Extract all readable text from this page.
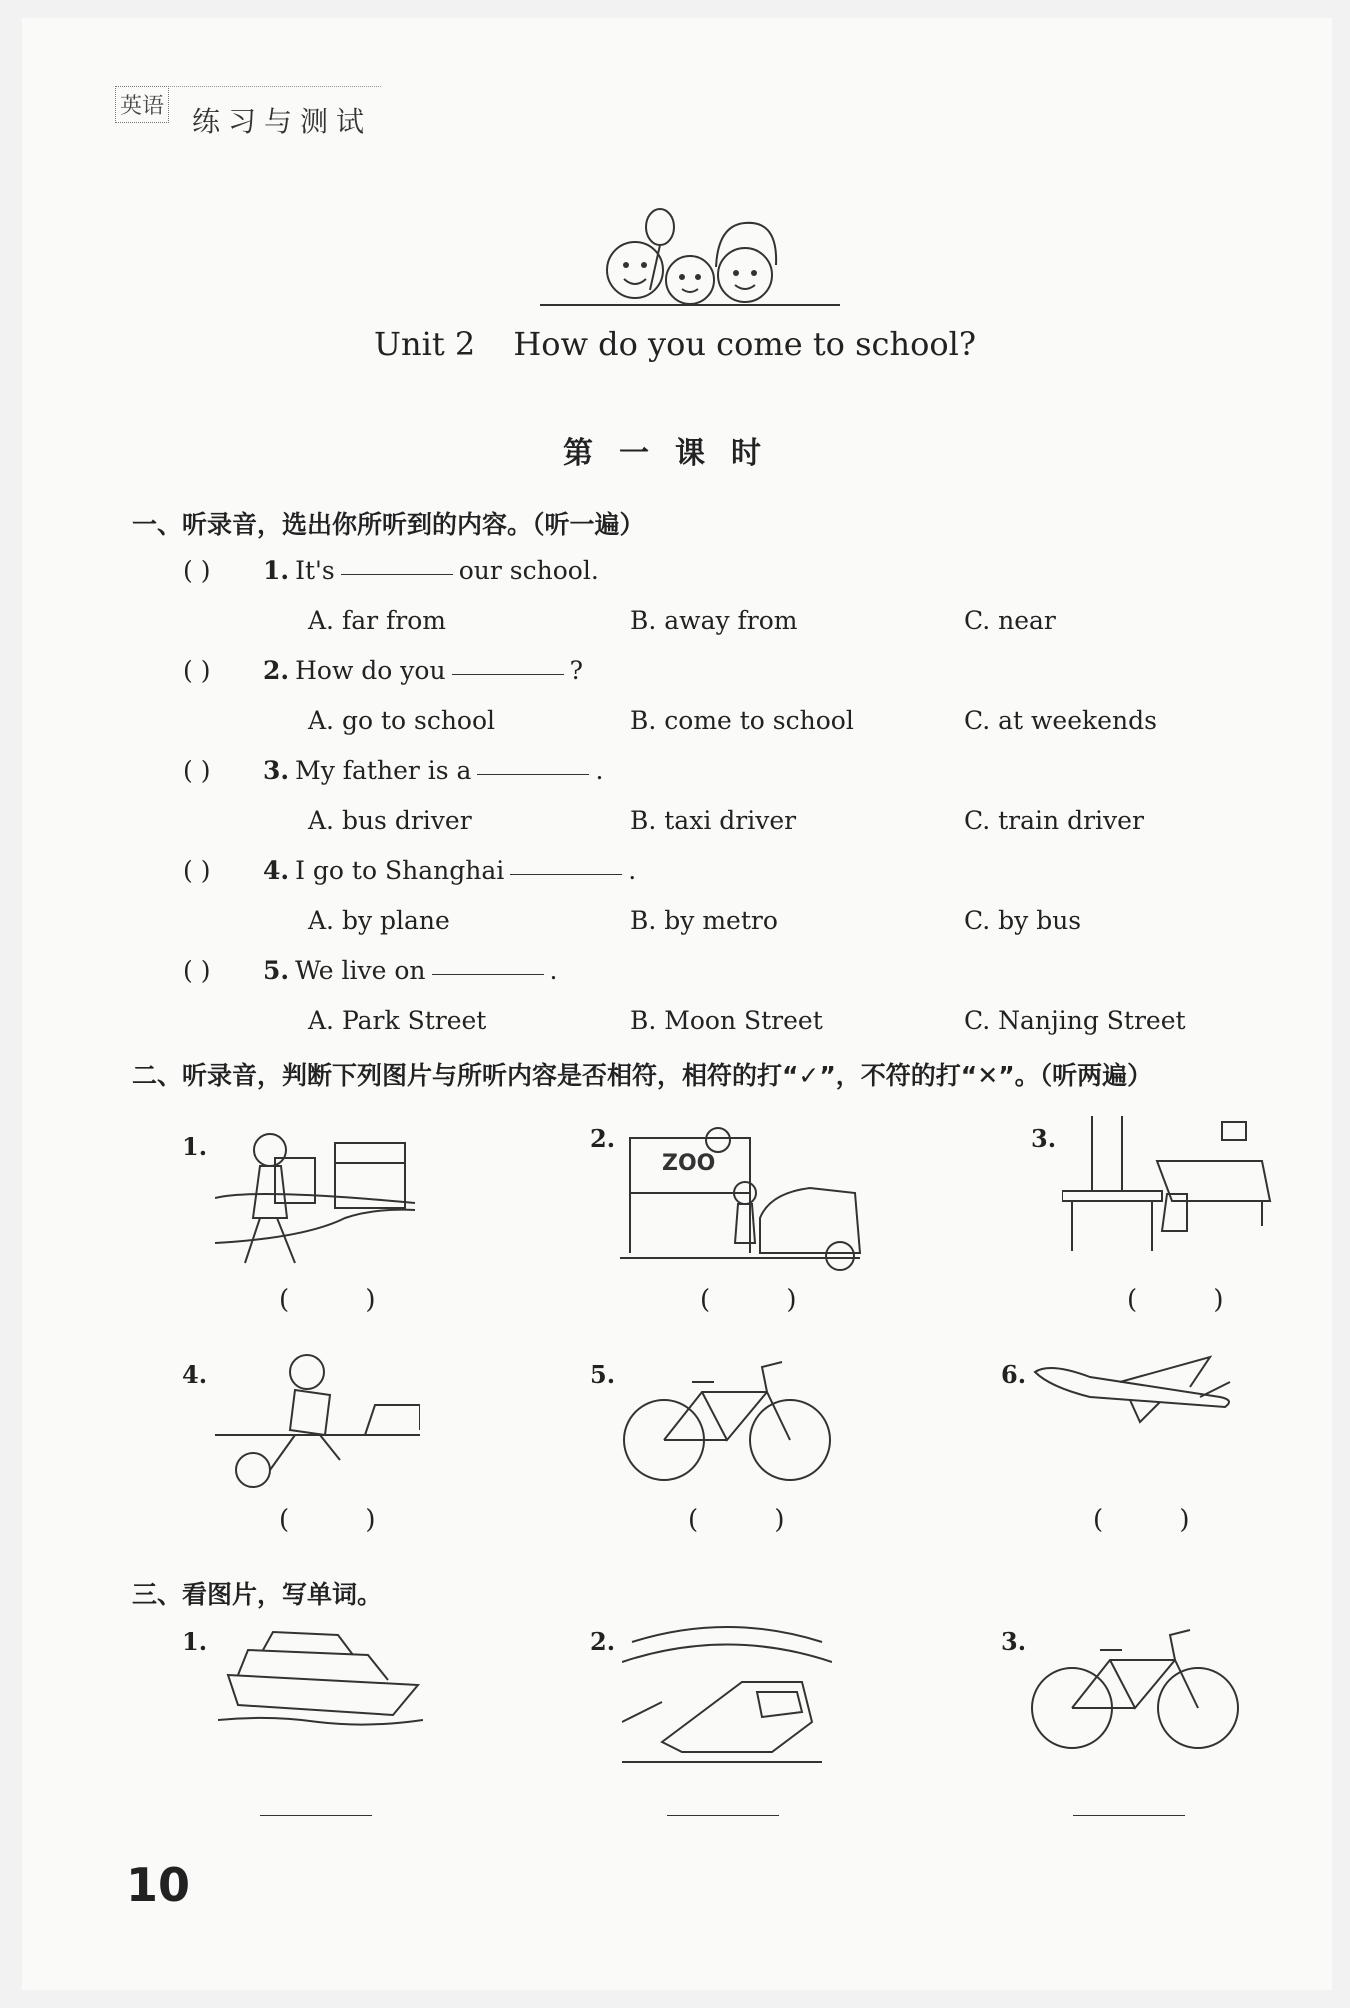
英语 练习与测试
Unit 2 How do you come to school?
第一课时
一、听录音，选出你所听到的内容。（听一遍）
( ) 1. It's	our school.
A. far from	B. away from	C. near
( ) 2. How do you	?
A. go to school	B. come to school	C. at weekends
( ) 3. My father is a	.
A. bus driver	B. taxi driver	C. train driver
( ) 4. I go to Shanghai	.
A. by plane	B. by metro	C. by bus
( ) 5. We live on	.
A. Park Street	B. Moon Street	C. Nanjing Street
二、听录音，判断下列图片与所听内容是否相符，相符的打“✓”，不符的打“✕”。（听两遍）
1.
( )
2.
ZOO
( )
3.
( )
4.
( )
5.
( )
6.
( )
三、看图片，写单词。
1.	2.	3.
10
